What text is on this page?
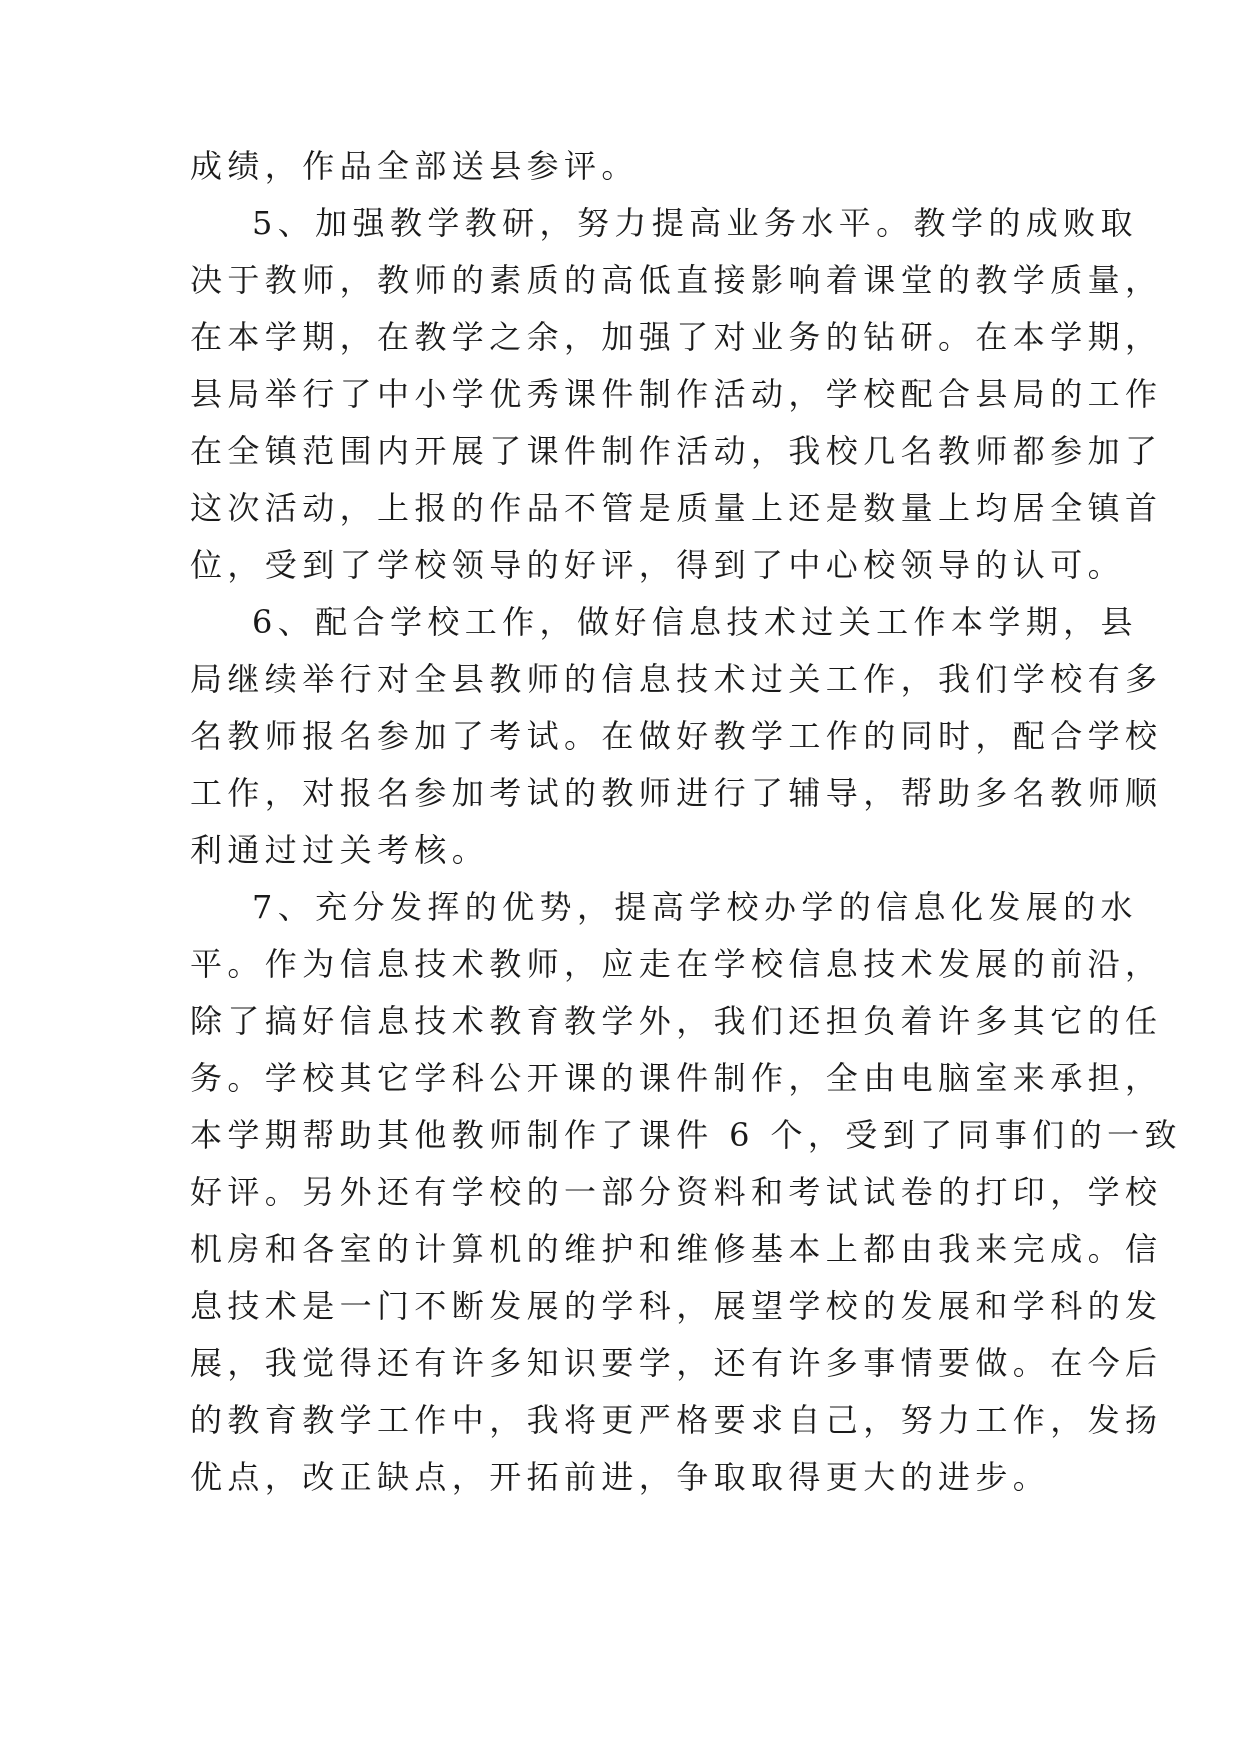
成绩，作品全部送县参评。
5、加强教学教研，努力提高业务水平。教学的成败取
决于教师，教师的素质的高低直接影响着课堂的教学质量，
在本学期，在教学之余，加强了对业务的钻研。在本学期，
县局举行了中小学优秀课件制作活动，学校配合县局的工作
在全镇范围内开展了课件制作活动，我校几名教师都参加了
这次活动，上报的作品不管是质量上还是数量上均居全镇首
位，受到了学校领导的好评，得到了中心校领导的认可。
6、配合学校工作，做好信息技术过关工作本学期，县
局继续举行对全县教师的信息技术过关工作，我们学校有多
名教师报名参加了考试。在做好教学工作的同时，配合学校
工作，对报名参加考试的教师进行了辅导，帮助多名教师顺
利通过过关考核。
7、充分发挥的优势，提高学校办学的信息化发展的水
平。作为信息技术教师，应走在学校信息技术发展的前沿，
除了搞好信息技术教育教学外，我们还担负着许多其它的任
务。学校其它学科公开课的课件制作，全由电脑室来承担，
本学期帮助其他教师制作了课件 6 个，受到了同事们的一致
好评。另外还有学校的一部分资料和考试试卷的打印，学校
机房和各室的计算机的维护和维修基本上都由我来完成。信
息技术是一门不断发展的学科，展望学校的发展和学科的发
展，我觉得还有许多知识要学，还有许多事情要做。在今后
的教育教学工作中，我将更严格要求自己，努力工作，发扬
优点，改正缺点，开拓前进，争取取得更大的进步。
